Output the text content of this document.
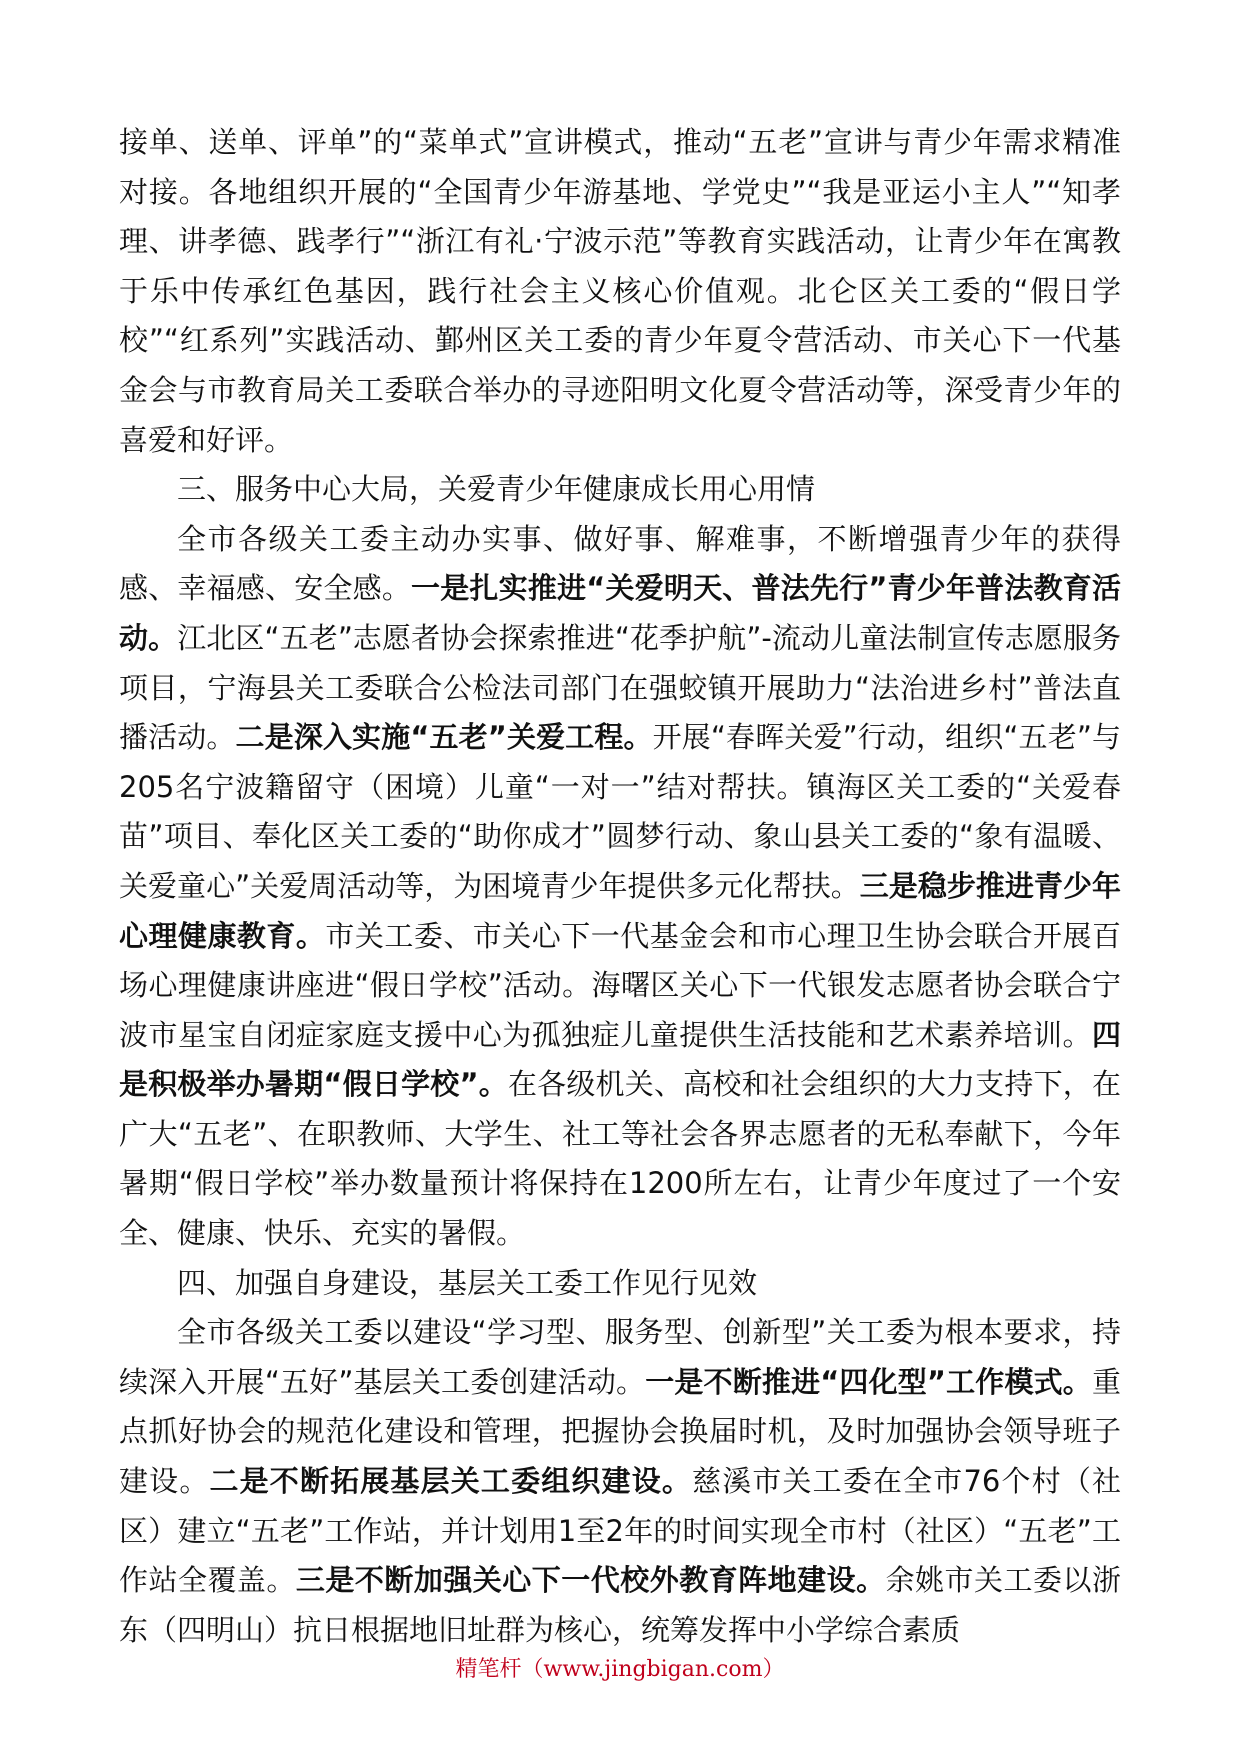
接单、送单、评单”的“菜单式”宣讲模式，推动“五老”宣讲与青少年需求精准对接。各地组织开展的“全国青少年游基地、学党史”“我是亚运小主人”“知孝理、讲孝德、践孝行”“浙江有礼·宁波示范”等教育实践活动，让青少年在寓教于乐中传承红色基因，践行社会主义核心价值观。北仑区关工委的“假日学校”“红系列”实践活动、鄞州区关工委的青少年夏令营活动、市关心下一代基金会与市教育局关工委联合举办的寻迹阳明文化夏令营活动等，深受青少年的喜爱和好评。

三、服务中心大局，关爱青少年健康成长用心用情

全市各级关工委主动办实事、做好事、解难事，不断增强青少年的获得感、幸福感、安全感。一是扎实推进“关爱明天、普法先行”青少年普法教育活动。江北区“五老”志愿者协会探索推进“花季护航”-流动儿童法制宣传志愿服务项目，宁海县关工委联合公检法司部门在强蛟镇开展助力“法治进乡村”普法直播活动。二是深入实施“五老”关爱工程。开展“春晖关爱”行动，组织“五老”与205名宁波籍留守（困境）儿童“一对一”结对帮扶。镇海区关工委的“关爱春苗”项目、奉化区关工委的“助你成才”圆梦行动、象山县关工委的“象有温暖、关爱童心”关爱周活动等，为困境青少年提供多元化帮扶。三是稳步推进青少年心理健康教育。市关工委、市关心下一代基金会和市心理卫生协会联合开展百场心理健康讲座进“假日学校”活动。海曙区关心下一代银发志愿者协会联合宁波市星宝自闭症家庭支援中心为孤独症儿童提供生活技能和艺术素养培训。四是积极举办暑期“假日学校”。在各级机关、高校和社会组织的大力支持下，在广大“五老”、在职教师、大学生、社工等社会各界志愿者的无私奉献下，今年暑期“假日学校”举办数量预计将保持在1200所左右，让青少年度过了一个安全、健康、快乐、充实的暑假。

四、加强自身建设，基层关工委工作见行见效

全市各级关工委以建设“学习型、服务型、创新型”关工委为根本要求，持续深入开展“五好”基层关工委创建活动。一是不断推进“四化型”工作模式。重点抓好协会的规范化建设和管理，把握协会换届时机，及时加强协会领导班子建设。二是不断拓展基层关工委组织建设。慈溪市关工委在全市76个村（社区）建立“五老”工作站，并计划用1至2年的时间实现全市村（社区）“五老”工作站全覆盖。三是不断加强关心下一代校外教育阵地建设。余姚市关工委以浙东（四明山）抗日根据地旧址群为核心，统筹发挥中小学综合素质

精笔杆（www.jingbigan.com）
